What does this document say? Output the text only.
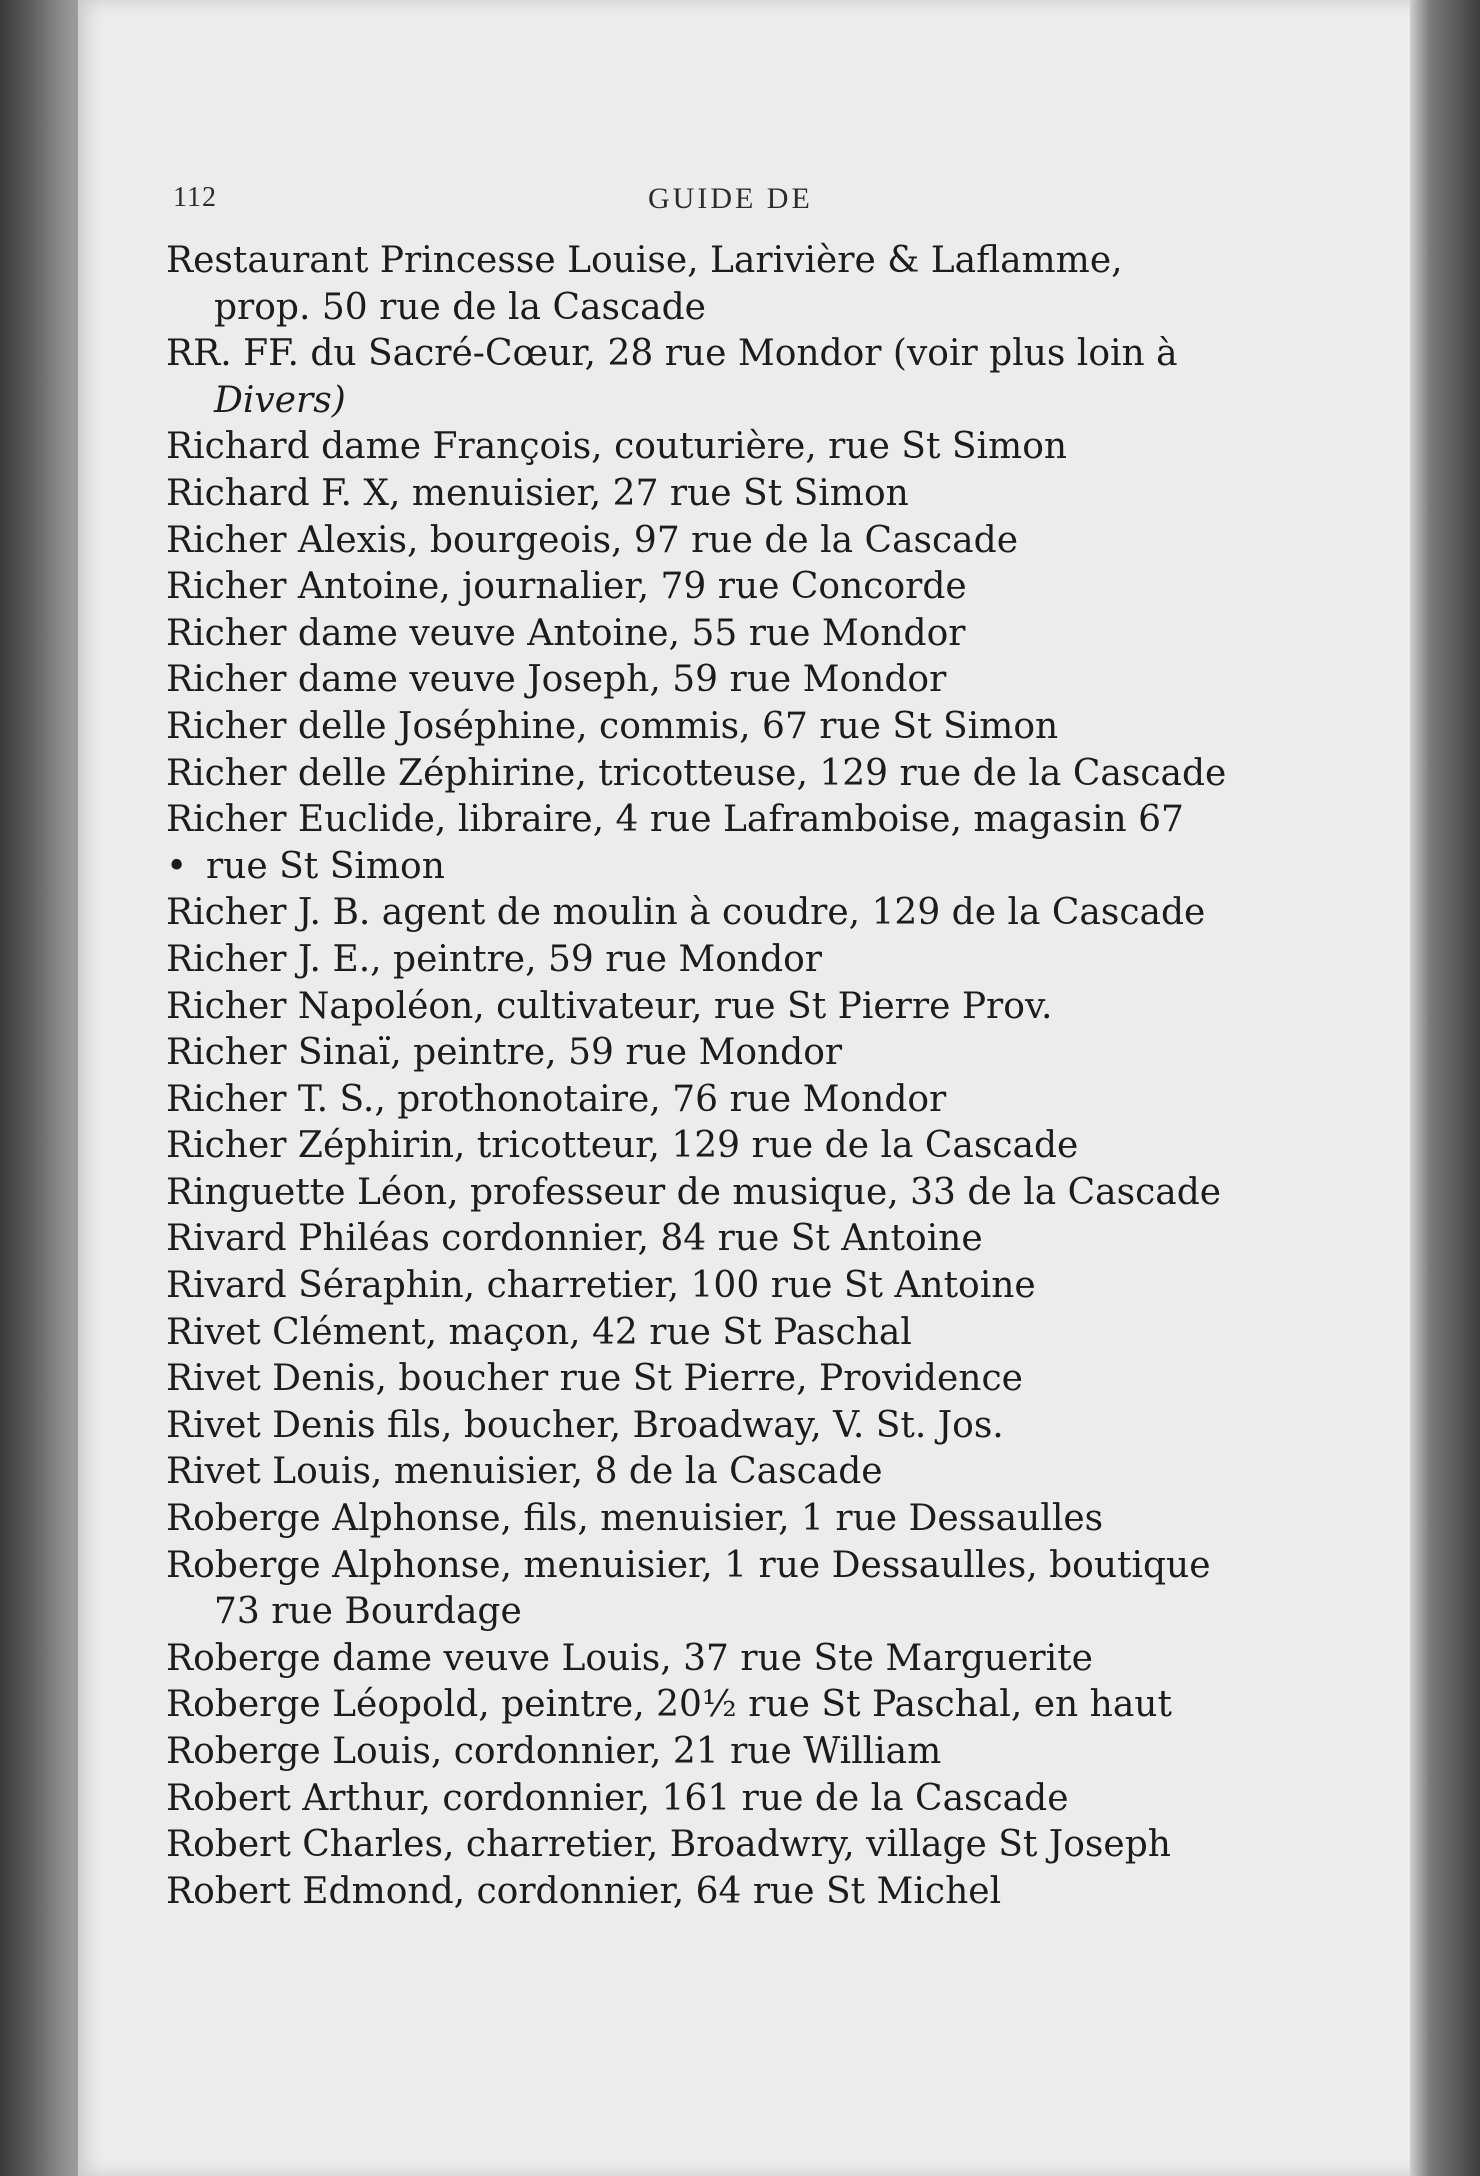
112	GUIDE DE
Restaurant Princesse Louise, Larivière & Laflamme,
prop. 50 rue de la Cascade
RR. FF. du Sacré-Cœur, 28 rue Mondor (voir plus loin à
Divers)
Richard dame François, couturière, rue St Simon
Richard F. X, menuisier, 27 rue St Simon
Richer Alexis, bourgeois, 97 rue de la Cascade
Richer Antoine, journalier, 79 rue Concorde
Richer dame veuve Antoine, 55 rue Mondor
Richer dame veuve Joseph, 59 rue Mondor
Richer delle Joséphine, commis, 67 rue St Simon
Richer delle Zéphirine, tricotteuse, 129 rue de la Cascade
Richer Euclide, libraire, 4 rue Laframboise, magasin 67
• rue St Simon
Richer J. B. agent de moulin à coudre, 129 de la Cascade
Richer J. E., peintre, 59 rue Mondor
Richer Napoléon, cultivateur, rue St Pierre Prov.
Richer Sinaï, peintre, 59 rue Mondor
Richer T. S., prothonotaire, 76 rue Mondor
Richer Zéphirin, tricotteur, 129 rue de la Cascade
Ringuette Léon, professeur de musique, 33 de la Cascade
Rivard Philéas cordonnier, 84 rue St Antoine
Rivard Séraphin, charretier, 100 rue St Antoine
Rivet Clément, maçon, 42 rue St Paschal
Rivet Denis, boucher rue St Pierre, Providence
Rivet Denis fils, boucher, Broadway, V. St. Jos.
Rivet Louis, menuisier, 8 de la Cascade
Roberge Alphonse, fils, menuisier, 1 rue Dessaulles
Roberge Alphonse, menuisier, 1 rue Dessaulles, boutique
73 rue Bourdage
Roberge dame veuve Louis, 37 rue Ste Marguerite
Roberge Léopold, peintre, 20½ rue St Paschal, en haut
Roberge Louis, cordonnier, 21 rue William
Robert Arthur, cordonnier, 161 rue de la Cascade
Robert Charles, charretier, Broadwry, village St Joseph
Robert Edmond, cordonnier, 64 rue St Michel
